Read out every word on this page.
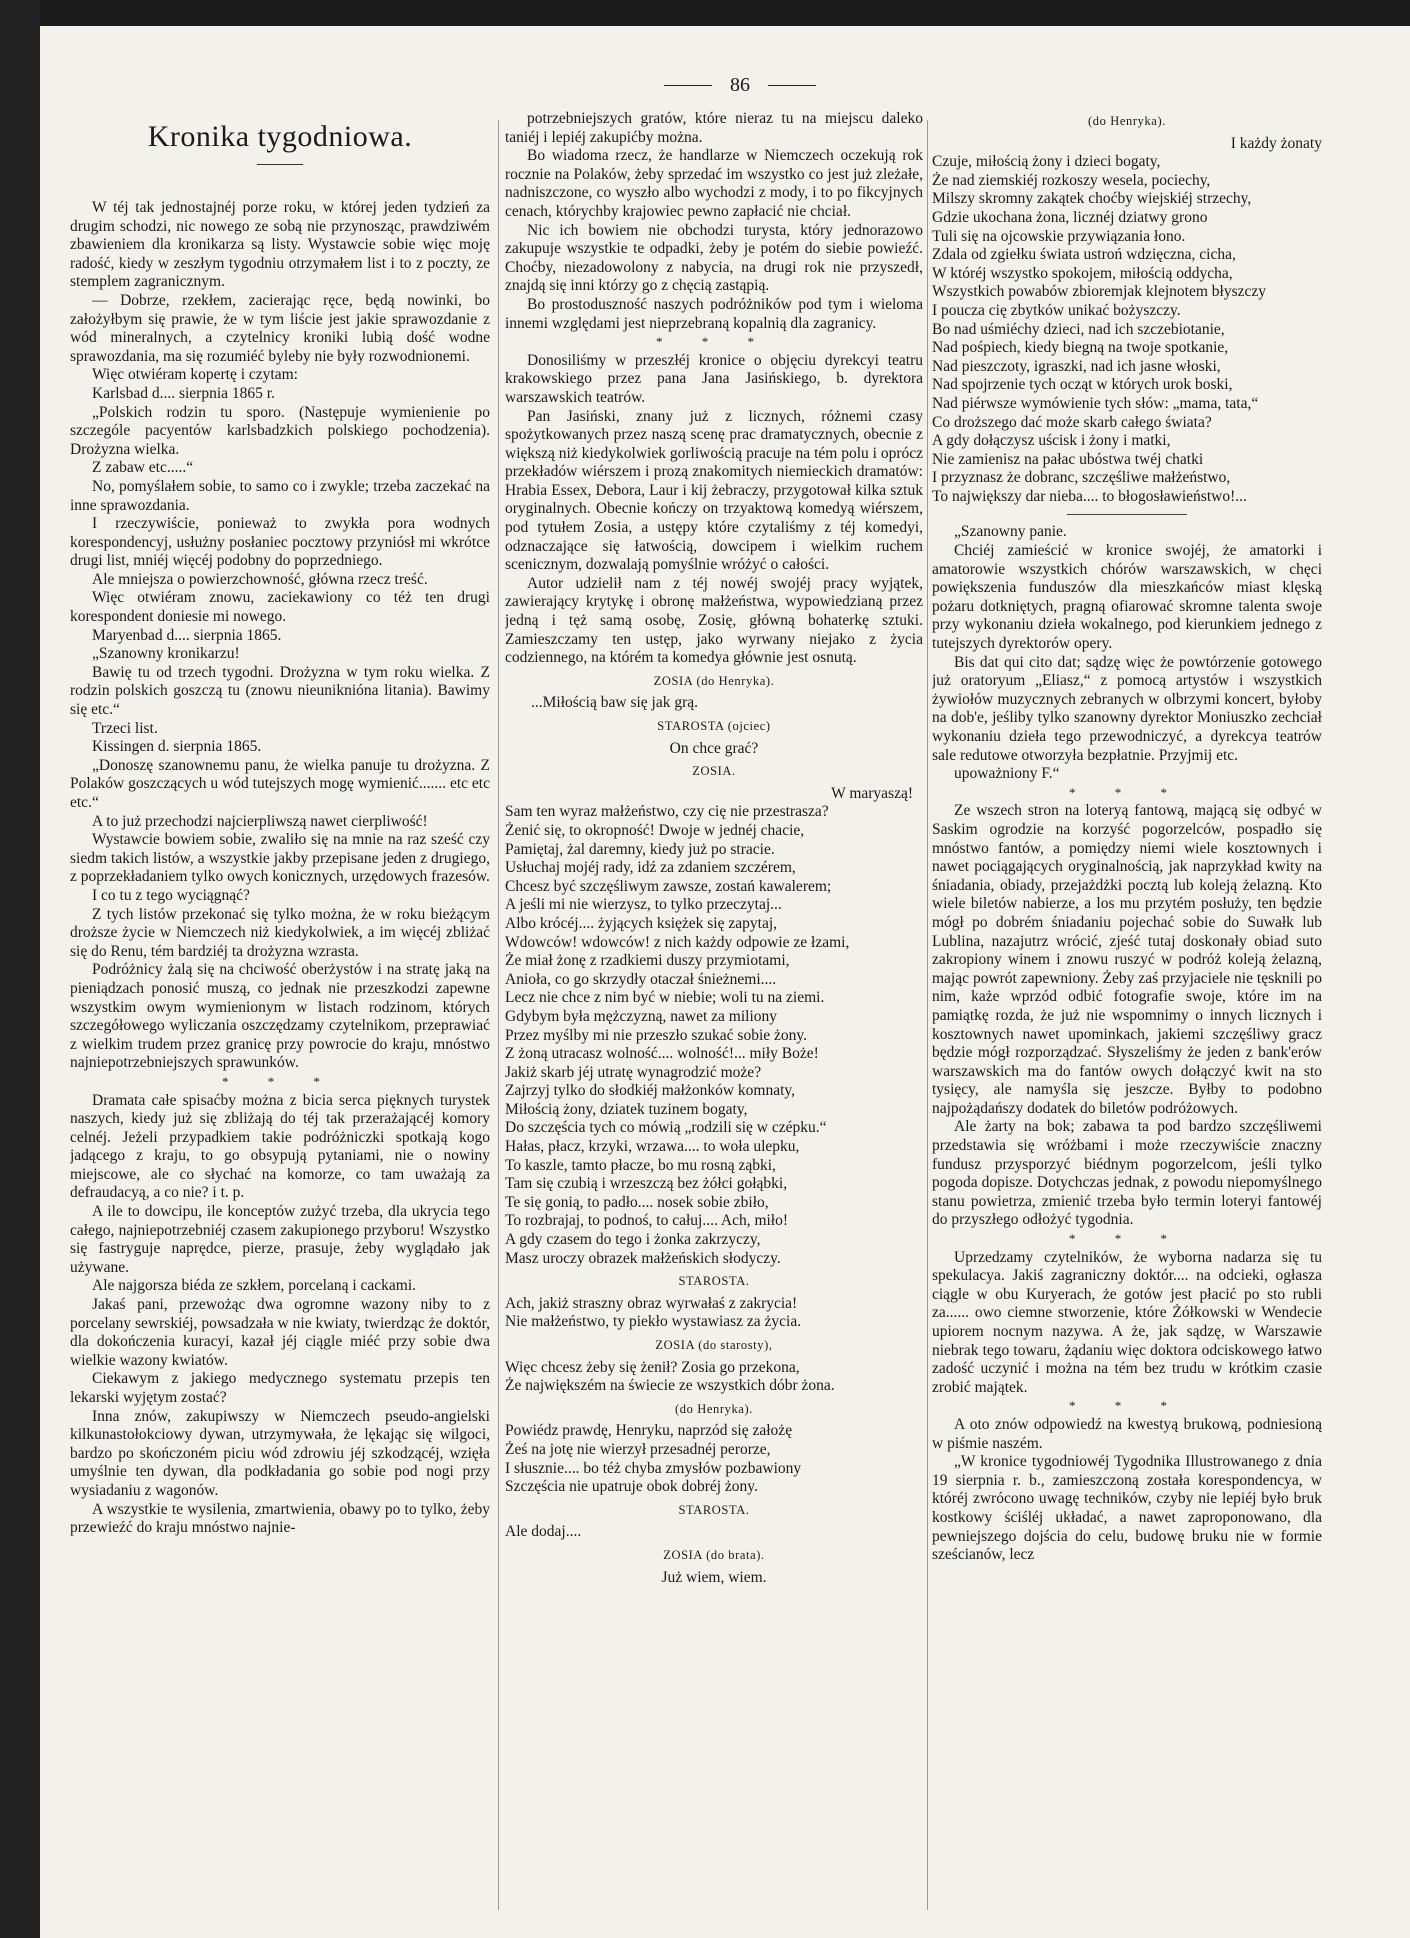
86
Kronika tygodniowa.

W téj tak jednostajnéj porze roku, w której jeden tydzień za drugim schodzi, nic nowego ze sobą nie przynosząc, prawdziwém zbawieniem dla kronikarza są listy. Wystawcie sobie więc moję radość, kiedy w zeszłym tygodniu otrzymałem list i to z poczty, ze stemplem zagranicznym.

— Dobrze, rzekłem, zacierając ręce, będą nowinki, bo założyłbym się prawie, że w tym liście jest jakie sprawozdanie z wód mineralnych, a czytelnicy kroniki lubią dość wodne sprawozdania, ma się rozumiéć byleby nie były rozwodnionemi.

Więc otwiéram kopertę i czytam:

Karlsbad d.... sierpnia 1865 r.

„Polskich rodzin tu sporo. (Następuje wymienienie po szczególe pacyentów karlsbadzkich polskiego pochodzenia). Drożyzna wielka.

Z zabaw etc.....“

No, pomyślałem sobie, to samo co i zwykle; trzeba zaczekać na inne sprawozdania.

I rzeczywiście, ponieważ to zwykła pora wodnych korespondencyj, usłużny posłaniec pocztowy przyniósł mi wkrótce drugi list, mniéj więcéj podobny do poprzedniego.

Ale mniejsza o powierzchowność, główna rzecz treść.

Więc otwiéram znowu, zaciekawiony co téż ten drugi korespondent doniesie mi nowego.

Maryenbad d.... sierpnia 1865.

„Szanowny kronikarzu!

Bawię tu od trzech tygodni. Drożyzna w tym roku wielka. Z rodzin polskich goszczą tu (znowu nieuniknióna litania). Bawimy się etc.“

Trzeci list.

Kissingen d. sierpnia 1865.

„Donoszę szanownemu panu, że wielka panuje tu drożyzna. Z Polaków goszczących u wód tutejszych mogę wymienić....... etc etc etc.“

A to już przechodzi najcierpliwszą nawet cierpliwość!

Wystawcie bowiem sobie, zwaliło się na mnie na raz sześć czy siedm takich listów, a wszystkie jakby przepisane jeden z drugiego, z poprzekładaniem tylko owych konicznych, urzędowych frazesów.

I co tu z tego wyciągnąć?

Z tych listów przekonać się tylko można, że w roku bieżącym droższe życie w Niemczech niż kiedykolwiek, a im więcéj zbliżać się do Renu, tém bardziéj ta drożyzna wzrasta.

Podróżnicy żalą się na chciwość oberżystów i na stratę jaką na pieniądzach ponosić muszą, co jednak nie przeszkodzi zapewne wszystkim owym wymienionym w listach rodzinom, których szczegółowego wyliczania oszczędzamy czytelnikom, przeprawiać z wielkim trudem przez granicę przy powrocie do kraju, mnóstwo najniepotrzebniejszych sprawunków.

* * *

Dramata całe spisaćby można z bicia serca pięknych turystek naszych, kiedy już się zbliżają do téj tak przerażającéj komory celnéj. Jeżeli przypadkiem takie podróżniczki spotkają kogo jadącego z kraju, to go obsypują pytaniami, nie o nowiny miejscowe, ale co słychać na komorze, co tam uważają za defraudacyą, a co nie? i t. p.

A ile to dowcipu, ile konceptów zużyć trzeba, dla ukrycia tego całego, najniepotrzebniéj czasem zakupionego przyboru! Wszystko się fastryguje naprędce, pierze, prasuje, żeby wyglądało jak używane.

Ale najgorsza biéda ze szkłem, porcelaną i cackami.

Jakaś pani, przewożąc dwa ogromne wazony niby to z porcelany sewrskiéj, powsadzała w nie kwiaty, twierdząc że doktór, dla dokończenia kuracyi, kazał jéj ciągle miéć przy sobie dwa wielkie wazony kwiatów.

Ciekawym z jakiego medycznego systematu przepis ten lekarski wyjętym zostać?

Inna znów, zakupiwszy w Niemczech pseudo-angielski kilkunastołokciowy dywan, utrzymywała, że lękając się wilgoci, bardzo po skończoném piciu wód zdrowiu jéj szkodzącéj, wzięła umyślnie ten dywan, dla podkładania go sobie pod nogi przy wysiadaniu z wagonów.

A wszystkie te wysilenia, zmartwienia, obawy po to tylko, żeby przewieźć do kraju mnóstwo najnie-

potrzebniejszych gratów, które nieraz tu na miejscu daleko taniéj i lepiéj zakupićby można.

Bo wiadoma rzecz, że handlarze w Niemczech oczekują rok rocznie na Polaków, żeby sprzedać im wszystko co jest już zleżałe, nadniszczone, co wyszło albo wychodzi z mody, i to po fikcyjnych cenach, którychby krajowiec pewno zapłacić nie chciał.

Nic ich bowiem nie obchodzi turysta, który jednorazowo zakupuje wszystkie te odpadki, żeby je potém do siebie powieźć. Choćby, niezadowolony z nabycia, na drugi rok nie przyszedł, znajdą się inni którzy go z chęcią zastąpią.

Bo prostoduszność naszych podróżników pod tym i wieloma innemi względami jest nieprzebraną kopalnią dla zagranicy.

* * *

Donosiliśmy w przeszłéj kronice o objęciu dyrekcyi teatru krakowskiego przez pana Jana Jasińskiego, b. dyrektora warszawskich teatrów.

Pan Jasiński, znany już z licznych, różnemi czasy spożytkowanych przez naszą scenę prac dramatycznych, obecnie z większą niż kiedykolwiek gorliwością pracuje na tém polu i oprócz przekładów wiérszem i prozą znakomitych niemieckich dramatów: Hrabia Essex, Debora, Laur i kij żebraczy, przygotował kilka sztuk oryginalnych. Obecnie kończy on trzyaktową komedyą wiérszem, pod tytułem Zosia, a ustępy które czytaliśmy z téj komedyi, odznaczające się łatwością, dowcipem i wielkim ruchem scenicznym, dozwalają pomyślnie wróżyć o całości.

Autor udzielił nam z téj nowéj swojéj pracy wyjątek, zawierający krytykę i obronę małżeństwa, wypowiedzianą przez jedną i tęż samą osobę, Zosię, główną bohaterkę sztuki. Zamieszczamy ten ustęp, jako wyrwany niejako z życia codziennego, na którém ta komedya głównie jest osnutą.

ZOSIA (do Henryka).

...Miłością baw się jak grą.

STAROSTA (ojciec)

On chce grać?

ZOSIA.

W maryaszą!

Sam ten wyraz małżeństwo, czy cię nie przestrasza?

Żenić się, to okropność! Dwoje w jednéj chacie,

Pamiętaj, żal daremny, kiedy już po stracie.

Usłuchaj mojéj rady, idź za zdaniem szczérem,

Chcesz być szczęśliwym zawsze, zostań kawalerem;

A jeśli mi nie wierzysz, to tylko przeczytaj...

Albo krócéj.... żyjących księżek się zapytaj,

Wdowców! wdowców! z nich każdy odpowie ze łzami,

Że miał żonę z rzadkiemi duszy przymiotami,

Anioła, co go skrzydły otaczał śnieżnemi....

Lecz nie chce z nim być w niebie; woli tu na ziemi.

Gdybym była mężczyzną, nawet za miliony

Przez myślby mi nie przeszło szukać sobie żony.

Z żoną utracasz wolność.... wolność!... miły Boże!

Jakiż skarb jéj utratę wynagrodzić może?

Zajrzyj tylko do słodkiéj małżonków komnaty,

Miłością żony, dziatek tuzinem bogaty,

Do szczęścia tych co mówią „rodzili się w czépku.“

Hałas, płacz, krzyki, wrzawa.... to woła ulepku,

To kaszle, tamto płacze, bo mu rosną ząbki,

Tam się czubią i wrzeszczą bez żółci gołąbki,

Te się gonią, to padło.... nosek sobie zbiło,

To rozbrajaj, to podnoś, to całuj.... Ach, miło!

A gdy czasem do tego i żonka zakrzyczy,

Masz uroczy obrazek małżeńskich słodyczy.

STAROSTA.

Ach, jakiż straszny obraz wyrwałaś z zakrycia!

Nie małżeństwo, ty piekło wystawiasz za życia.

ZOSIA (do starosty),

Więc chcesz żeby się żenił? Zosia go przekona,

Że największém na świecie ze wszystkich dóbr żona.

(do Henryka).

Powiédz prawdę, Henryku, naprzód się założę

Żeś na jotę nie wierzył przesadnéj perorze,

I słusznie.... bo téż chyba zmysłów pozbawiony

Szczęścia nie upatruje obok dobréj żony.

STAROSTA.

Ale dodaj....

ZOSIA (do brata).

Już wiem, wiem.

(do Henryka).

I każdy żonaty

Czuje, miłością żony i dzieci bogaty,

Że nad ziemskiéj rozkoszy wesela, pociechy,

Milszy skromny zakątek choćby wiejskiéj strzechy,

Gdzie ukochana żona, licznéj dziatwy grono

Tuli się na ojcowskie przywiązania łono.

Zdala od zgiełku świata ustroń wdzięczna, cicha,

W któréj wszystko spokojem, miłością oddycha,

Wszystkich powabów zbioremjak klejnotem błyszczy

I poucza cię zbytków unikać bożyszczy.

Bo nad uśmiéchy dzieci, nad ich szczebiotanie,

Nad pośpiech, kiedy biegną na twoje spotkanie,

Nad pieszczoty, igraszki, nad ich jasne włoski,

Nad spojrzenie tych ocząt w których urok boski,

Nad piérwsze wymówienie tych słów: „mama, tata,“

Co droższego dać może skarb całego świata?

A gdy dołączysz uścisk i żony i matki,

Nie zamienisz na pałac ubóstwa twéj chatki

I przyznasz że dobranc, szczęśliwe małżeństwo,

To największy dar nieba.... to błogosławieństwo!...

„Szanowny panie.

Chciéj zamieścić w kronice swojéj, że amatorki i amatorowie wszystkich chórów warszawskich, w chęci powiększenia funduszów dla mieszkańców miast klęską pożaru dotkniętych, pragną ofiarować skromne talenta swoje przy wykonaniu dzieła wokalnego, pod kierunkiem jednego z tutejszych dyrektorów opery.

Bis dat qui cito dat; sądzę więc że powtórzenie gotowego już oratoryum „Eliasz,“ z pomocą artystów i wszystkich żywiołów muzycznych zebranych w olbrzymi koncert, byłoby na dob'e, jeśliby tylko szanowny dyrektor Moniuszko zechciał wykonaniu dzieła tego przewodniczyć, a dyrekcya teatrów sale redutowe otworzyła bezpłatnie. Przyjmij etc.

upoważniony F.“

* * *

Ze wszech stron na loteryą fantową, mającą się odbyć w Saskim ogrodzie na korzyść pogorzelców, pospadło się mnóstwo fantów, a pomiędzy niemi wiele kosztownych i nawet pociągających oryginalnością, jak naprzykład kwity na śniadania, obiady, przejażdżki pocztą lub koleją żelazną. Kto wiele biletów nabierze, a los mu przytém posłuży, ten będzie mógł po dobrém śniadaniu pojechać sobie do Suwałk lub Lublina, nazajutrz wrócić, zjeść tutaj doskonały obiad suto zakropiony winem i znowu ruszyć w podróż koleją żelazną, mając powrót zapewniony. Żeby zaś przyjaciele nie tęsknili po nim, każe wprzód odbić fotografie swoje, które im na pamiątkę rozda, że już nie wspomnimy o innych licznych i kosztownych nawet upominkach, jakiemi szczęśliwy gracz będzie mógł rozporządzać. Słyszeliśmy że jeden z bank'erów warszawskich ma do fantów owych dołączyć kwit na sto tysięcy, ale namyśla się jeszcze. Byłby to podobno najpożądańszy dodatek do biletów podróżowych.

Ale żarty na bok; zabawa ta pod bardzo szczęśliwemi przedstawia się wróżbami i może rzeczywiście znaczny fundusz przysporzyć biédnym pogorzelcom, jeśli tylko pogoda dopisze. Dotychczas jednak, z powodu niepomyślnego stanu powietrza, zmienić trzeba było termin loteryi fantowéj do przyszłego odłożyć tygodnia.

* * *

Uprzedzamy czytelników, że wyborna nadarza się tu spekulacya. Jakiś zagraniczny doktór.... na odcieki, ogłasza ciągle w obu Kuryerach, że gotów jest płacić po sto rubli za...... owo ciemne stworzenie, które Żółkowski w Wendecie upiorem nocnym nazywa. A że, jak sądzę, w Warszawie niebrak tego towaru, żądaniu więc doktora odciskowego łatwo zadość uczynić i można na tém bez trudu w krótkim czasie zrobić majątek.

* * *

A oto znów odpowiedź na kwestyą brukową, podniesioną w piśmie naszém.

„W kronice tygodniowéj Tygodnika Illustrowanego z dnia 19 sierpnia r. b., zamieszczoną została korespondencya, w któréj zwrócono uwagę techników, czyby nie lepiéj było bruk kostkowy ściśléj układać, a nawet zaproponowano, dla pewniejszego dojścia do celu, budowę bruku nie w formie sześcianów, lecz
